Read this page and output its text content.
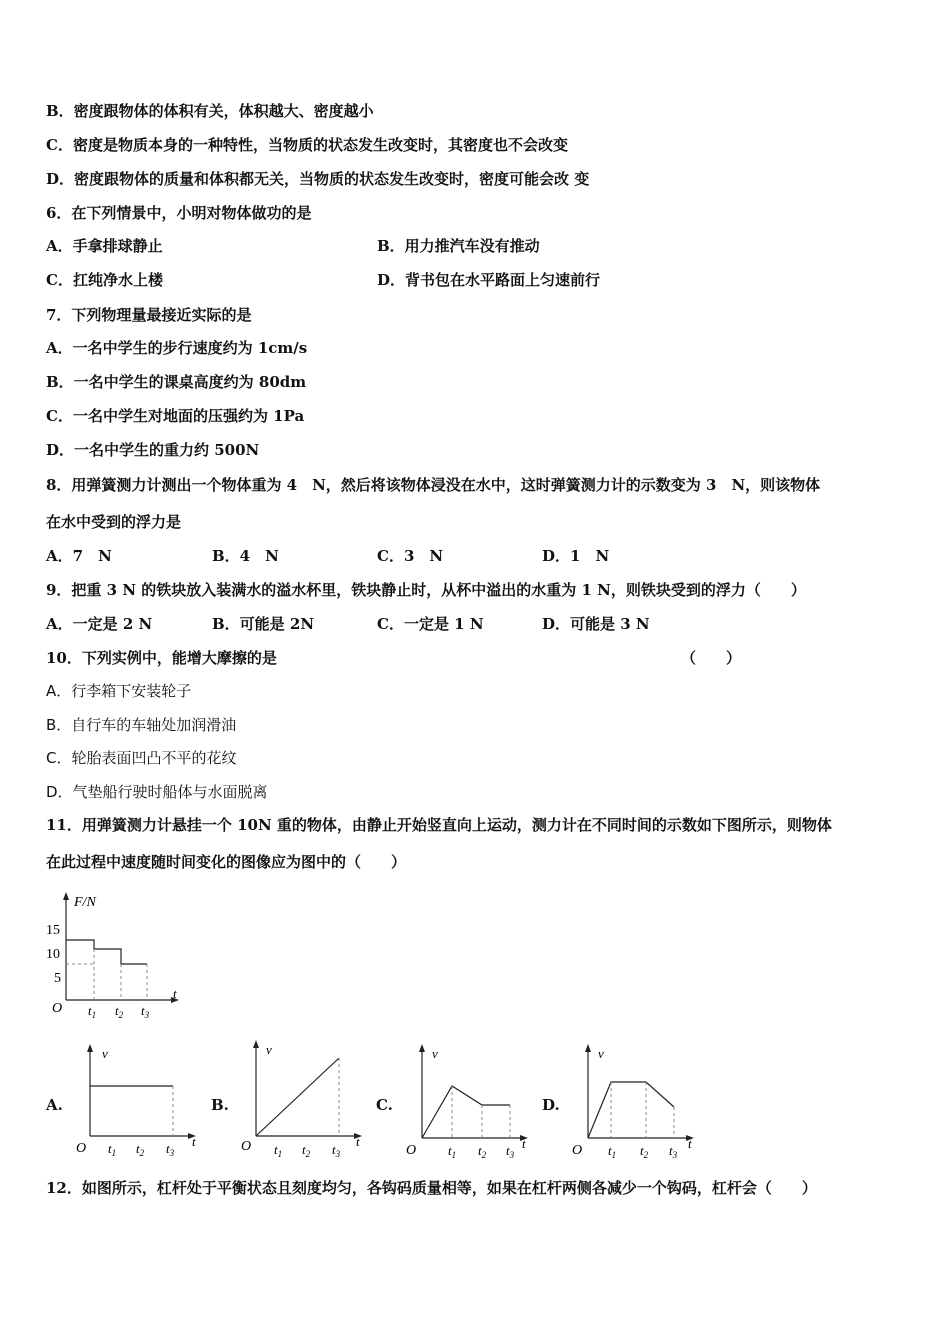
B．密度跟物体的体积有关，体积越大、密度越小
C．密度是物质本身的一种特性，当物质的状态发生改变时，其密度也不会改变
D．密度跟物体的质量和体积都无关，当物质的状态发生改变时，密度可能会改 变
6．在下列情景中，小明对物体做功的是
A．手拿排球静止	B．用力推汽车没有推动
C．扛纯净水上楼	D．背书包在水平路面上匀速前行
7．下列物理量最接近实际的是
A．一名中学生的步行速度约为 1cm/s
B．一名中学生的课桌高度约为 80dm
C．一名中学生对地面的压强约为 1Pa
D．一名中学生的重力约 500N
8．用弹簧测力计测出一个物体重为 4　N，然后将该物体浸没在水中，这时弹簧测力计的示数变为 3　N，则该物体
在水中受到的浮力是
A．7　N	B．4　N	C．3　N	D．1　N
9．把重 3 N 的铁块放入装满水的溢水杯里，铁块静止时，从杯中溢出的水重为 1 N，则铁块受到的浮力（　　）
A．一定是 2 N	B．可能是 2N	C．一定是 1 N	D．可能是 3 N
10．下列实例中，能增大摩擦的是	（　　）
A．行李箱下安装轮子
B．自行车的车轴处加润滑油
C．轮胎表面凹凸不平的花纹
D．气垫船行驶时船体与水面脱离
11．用弹簧测力计悬挂一个 10N 重的物体，由静止开始竖直向上运动，测力计在不同时间的示数如下图所示，则物体
在此过程中速度随时间变化的图像应为图中的（　　）
F/N
t
O
15
10
5
$t_1$ $t_2$ $t_3$
A.	B.	C.	D.
v
t
O $t_1$ $t_2$ $t_3$
v
t
O $t_1$ $t_2$ $t_3$
v
t
O $t_1$ $t_2$ $t_3$
v
t
O $t_1$ $t_2$ $t_3$
12．如图所示，杠杆处于平衡状态且刻度均匀，各钩码质量相等，如果在杠杆两侧各减少一个钩码，杠杆会（　　）
